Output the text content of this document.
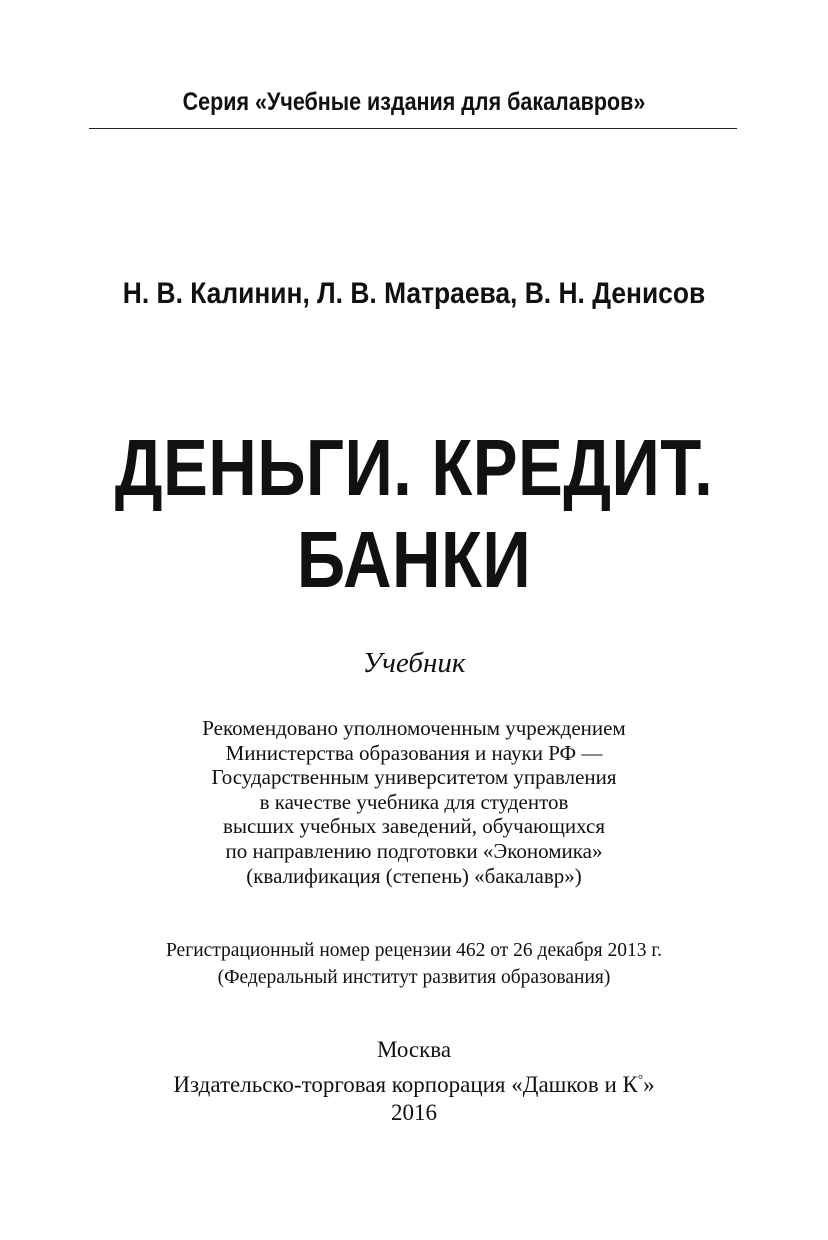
Серия «Учебные издания для бакалавров»
Н. В. Калинин, Л. В. Матраева, В. Н. Денисов
ДЕНЬГИ. КРЕДИТ.
БАНКИ
Учебник
Рекомендовано уполномоченным учреждением
Министерства образования и науки РФ —
Государственным университетом управления
в качестве учебника для студентов
высших учебных заведений, обучающихся
по направлению подготовки «Экономика»
(квалификация (степень) «бакалавр»)
Регистрационный номер рецензии 462 от 26 декабря 2013 г.
(Федеральный институт развития образования)
Москва
Издательско-торговая корпорация «Дашков и К°»
2016
